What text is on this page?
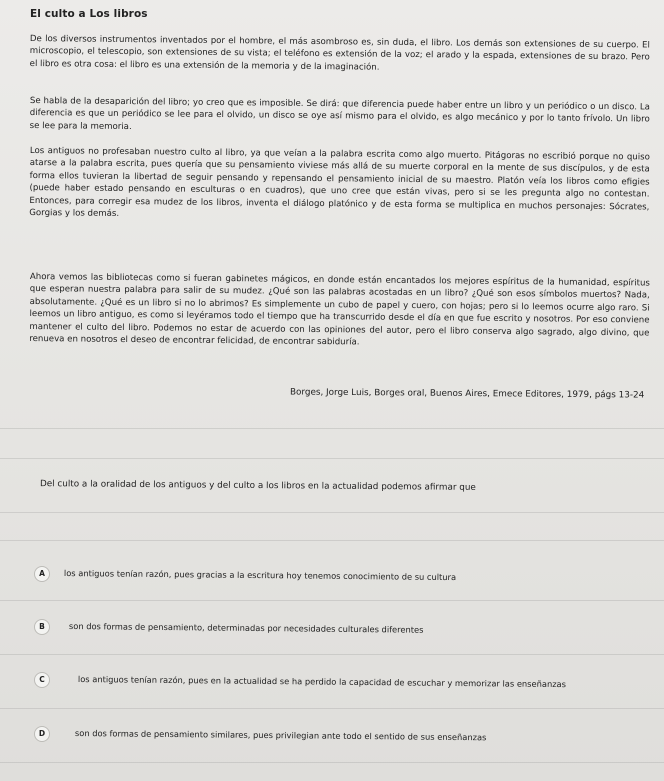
El culto a Los libros
De los diversos instrumentos inventados por el hombre, el más asombroso es, sin duda, el libro. Los demás son extensiones de su cuerpo. El microscopio, el telescopio, son extensiones de su vista; el teléfono es extensión de la voz; el arado y la espada, extensiones de su brazo. Pero el libro es otra cosa: el libro es una extensión de la memoria y de la imaginación.
Se habla de la desaparición del libro; yo creo que es imposible. Se dirá: que diferencia puede haber entre un libro y un periódico o un disco. La diferencia es que un periódico se lee para el olvido, un disco se oye así mismo para el olvido, es algo mecánico y por lo tanto frívolo. Un libro se lee para la memoria.
Los antiguos no profesaban nuestro culto al libro, ya que veían a la palabra escrita como algo muerto. Pitágoras no escribió porque no quiso atarse a la palabra escrita, pues quería que su pensamiento viviese más allá de su muerte corporal en la mente de sus discípulos, y de esta forma ellos tuvieran la libertad de seguir pensando y repensando el pensamiento inicial de su maestro. Platón veía los libros como efigies (puede haber estado pensando en esculturas o en cuadros), que uno cree que están vivas, pero si se les pregunta algo no contestan. Entonces, para corregir esa mudez de los libros, inventa el diálogo platónico y de esta forma se multiplica en muchos personajes: Sócrates, Gorgias y los demás.
Ahora vemos las bibliotecas como si fueran gabinetes mágicos, en donde están encantados los mejores espíritus de la humanidad, espíritus que esperan nuestra palabra para salir de su mudez. ¿Qué son las palabras acostadas en un libro? ¿Qué son esos símbolos muertos? Nada, absolutamente. ¿Qué es un libro si no lo abrimos? Es simplemente un cubo de papel y cuero, con hojas; pero si lo leemos ocurre algo raro. Si leemos un libro antiguo, es como si leyéramos todo el tiempo que ha transcurrido desde el día en que fue escrito y nosotros. Por eso conviene mantener el culto del libro. Podemos no estar de acuerdo con las opiniones del autor, pero el libro conserva algo sagrado, algo divino, que renueva en nosotros el deseo de encontrar felicidad, de encontrar sabiduría.
Borges, Jorge Luis, Borges oral, Buenos Aires, Emece Editores, 1979, págs 13-24
Del culto a la oralidad de los antiguos y del culto a los libros en la actualidad podemos afirmar que
A	los antiguos tenían razón, pues gracias a la escritura hoy tenemos conocimiento de su cultura
B	son dos formas de pensamiento, determinadas por necesidades culturales diferentes
C	los antiguos tenían razón, pues en la actualidad se ha perdido la capacidad de escuchar y memorizar las enseñanzas
D	son dos formas de pensamiento similares, pues privilegian ante todo el sentido de sus enseñanzas
